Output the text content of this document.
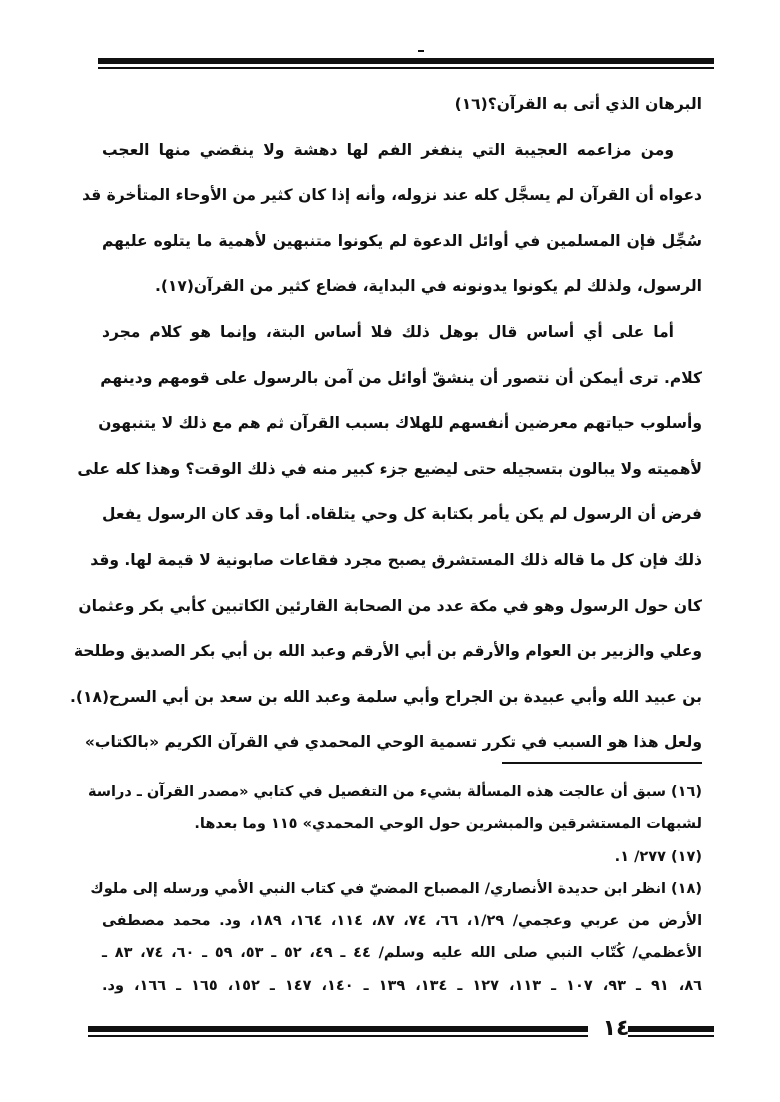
البرهان الذي أتى به القرآن؟(١٦)
ومن مزاعمه العجيبة التي ينفغر الفم لها دهشة ولا ينقضي منها العجب
دعواه أن القرآن لم يسجَّل كله عند نزوله، وأنه إذا كان كثير من الأوحاء المتأخرة قد
سُجِّل فإن المسلمين في أوائل الدعوة لم يكونوا متنبهين لأهمية ما يتلوه عليهم
الرسول، ولذلك لم يكونوا يدونونه في البداية، فضاع كثير من القرآن(١٧).
أما على أي أساس قال بوهل ذلك فلا أساس البتة، وإنما هو كلام مجرد
كلام. ترى أيمكن أن نتصور أن ينشقّ أوائل من آمن بالرسول على قومهم ودينهم
وأسلوب حياتهم معرضين أنفسهم للهلاك بسبب القرآن ثم هم مع ذلك لا يتنبهون
لأهميته ولا يبالون بتسجيله حتى ليضيع جزء كبير منه في ذلك الوقت؟ وهذا كله على
فرض أن الرسول لم يكن يأمر بكتابة كل وحي يتلقاه. أما وقد كان الرسول يفعل
ذلك فإن كل ما قاله ذلك المستشرق يصبح مجرد فقاعات صابونية لا قيمة لها. وقد
كان حول الرسول وهو في مكة عدد من الصحابة القارئين الكاتبين كأبي بكر وعثمان
وعلي والزبير بن العوام والأرقم بن أبي الأرقم وعبد الله بن أبي بكر الصديق وطلحة
بن عبيد الله وأبي عبيدة بن الجراح وأبي سلمة وعبد الله بن سعد بن أبي السرح(١٨).
ولعل هذا هو السبب في تكرر تسمية الوحي المحمدي في القرآن الكريم «بالكتاب»
(١٦) سبق أن عالجت هذه المسألة بشيء من التفصيل في كتابي «مصدر القرآن ـ دراسة
لشبهات المستشرقين والمبشرين حول الوحي المحمدي» ١١٥ وما بعدها.
(١٧) ٢٧٧/ ١.
(١٨) انظر ابن حديدة الأنصاري/ المصباح المضيّ في كتاب النبي الأمي ورسله إلى ملوك
الأرض من عربي وعجمي/ ١/٢٩، ٦٦، ٧٤، ٨٧، ١١٤، ١٦٤، ١٨٩، ود. محمد مصطفى
الأعظمي/ كُتّاب النبي صلى الله عليه وسلم/ ٤٤ ـ ٤٩، ٥٢ ـ ٥٣، ٥٩ ـ ٦٠، ٧٤، ٨٣ ـ
٨٦، ٩١ ـ ٩٣، ١٠٧ ـ ١١٣، ١٢٧ ـ ١٣٤، ١٣٩ ـ ١٤٠، ١٤٧ ـ ١٥٢، ١٦٥ ـ ١٦٦، ود.
١٤
